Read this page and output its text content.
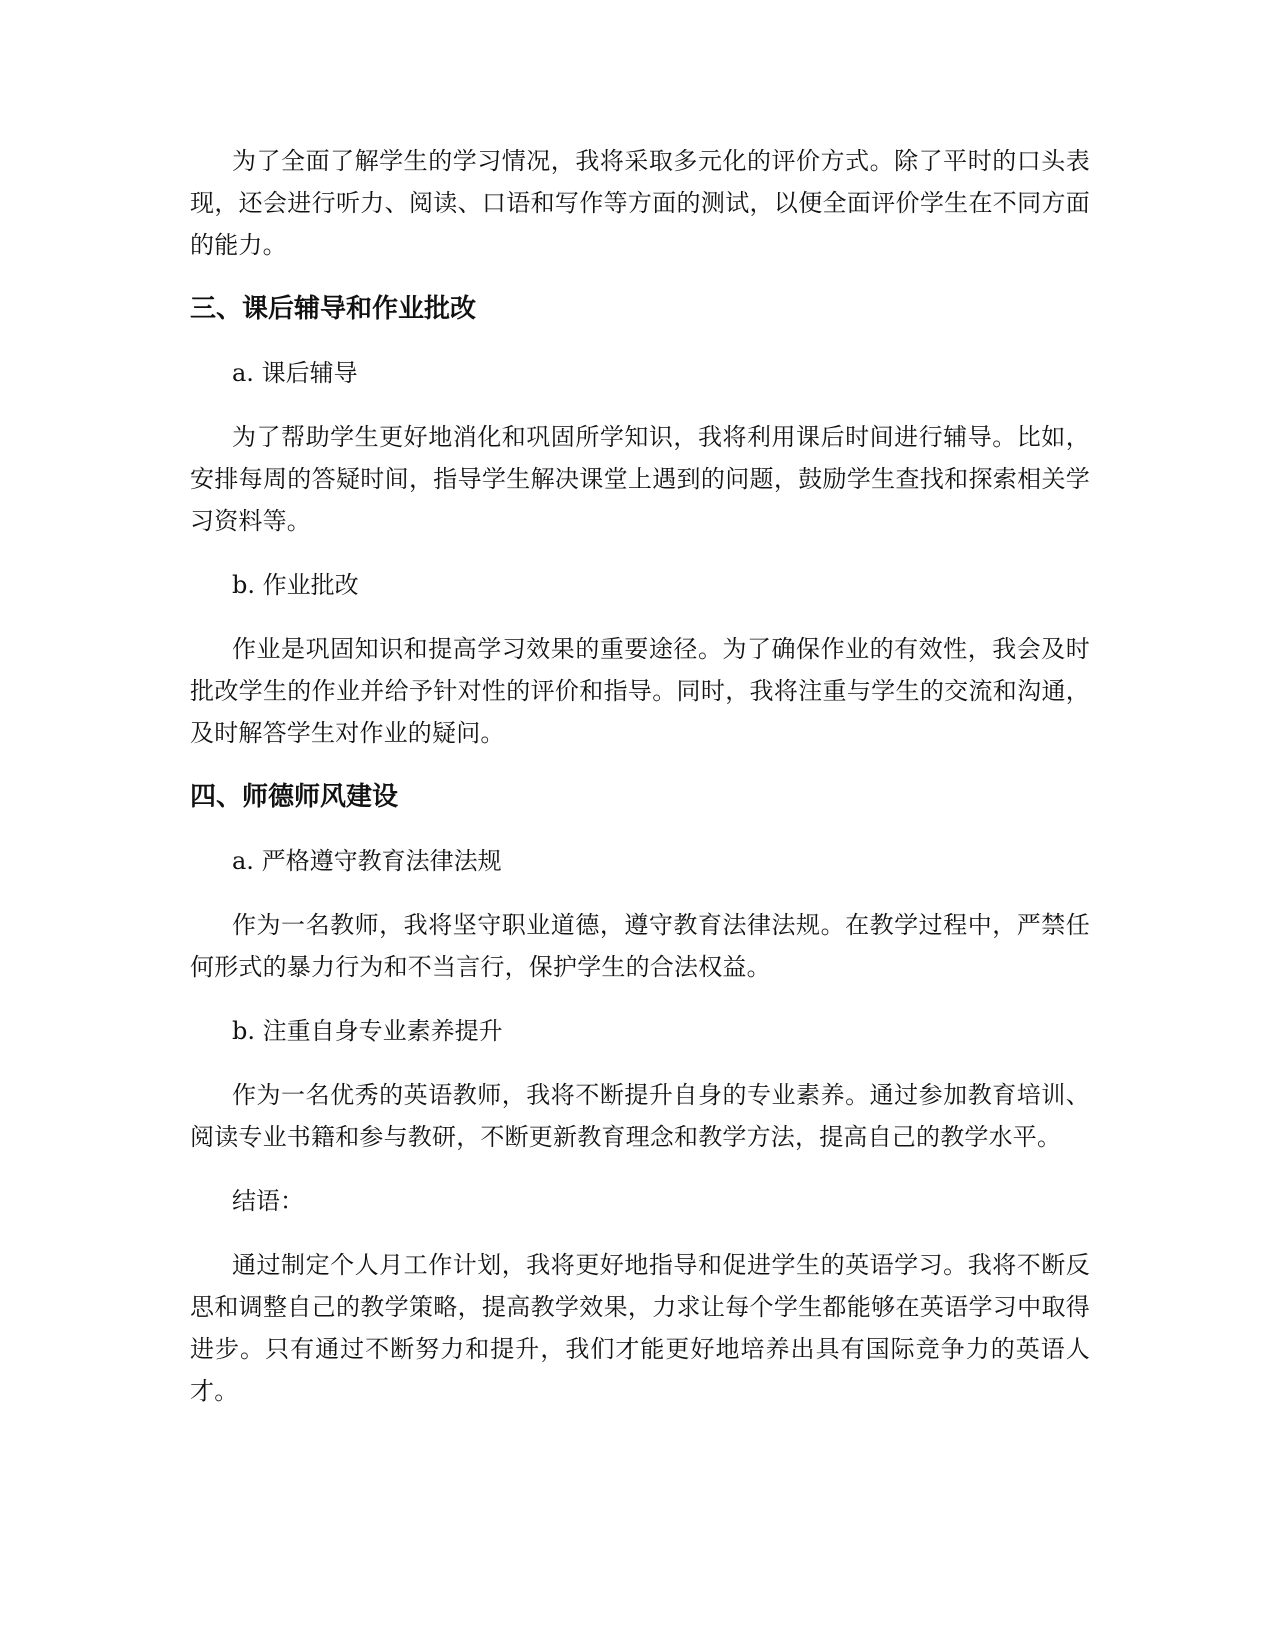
为了全面了解学生的学习情况，我将采取多元化的评价方式。除了平时的口头表现，还会进行听力、阅读、口语和写作等方面的测试，以便全面评价学生在不同方面的能力。

三、课后辅导和作业批改

a. 课后辅导

为了帮助学生更好地消化和巩固所学知识，我将利用课后时间进行辅导。比如，安排每周的答疑时间，指导学生解决课堂上遇到的问题，鼓励学生查找和探索相关学习资料等。

b. 作业批改

作业是巩固知识和提高学习效果的重要途径。为了确保作业的有效性，我会及时批改学生的作业并给予针对性的评价和指导。同时，我将注重与学生的交流和沟通，及时解答学生对作业的疑问。

四、师德师风建设

a. 严格遵守教育法律法规

作为一名教师，我将坚守职业道德，遵守教育法律法规。在教学过程中，严禁任何形式的暴力行为和不当言行，保护学生的合法权益。

b. 注重自身专业素养提升

作为一名优秀的英语教师，我将不断提升自身的专业素养。通过参加教育培训、阅读专业书籍和参与教研，不断更新教育理念和教学方法，提高自己的教学水平。

结语：

通过制定个人月工作计划，我将更好地指导和促进学生的英语学习。我将不断反思和调整自己的教学策略，提高教学效果，力求让每个学生都能够在英语学习中取得进步。只有通过不断努力和提升，我们才能更好地培养出具有国际竞争力的英语人才。
